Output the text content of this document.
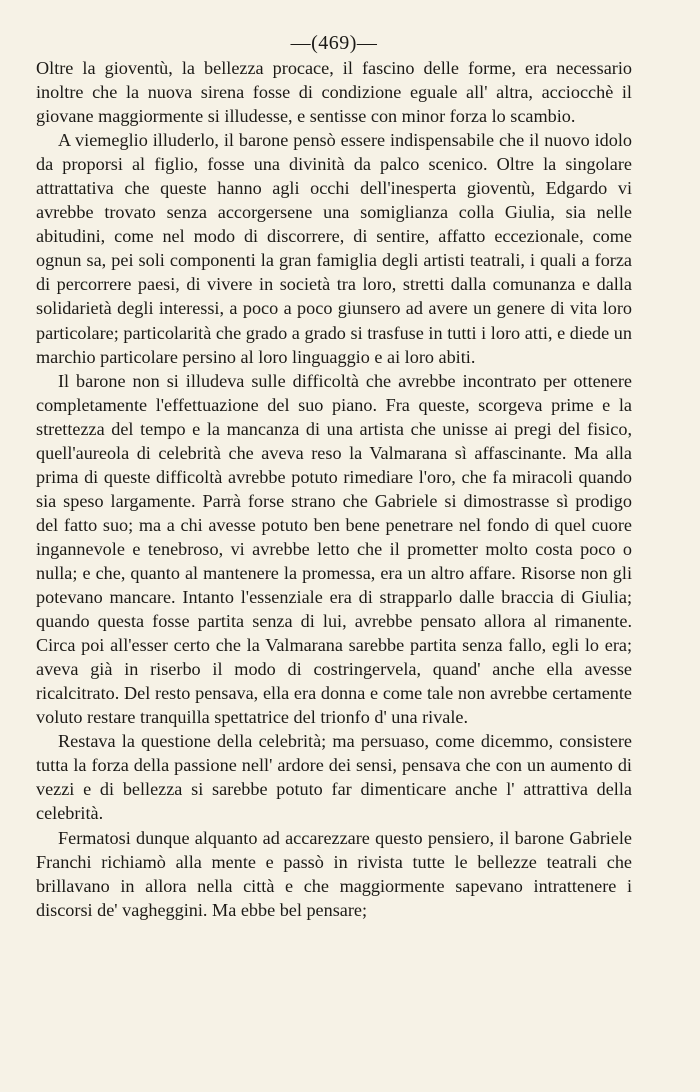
—(469)—

Oltre la gioventù, la bellezza procace, il fascino delle forme, era necessario inoltre che la nuova sirena fosse di condizione eguale all' altra, acciocchè il giovane maggiormente si illudesse, e sentisse con minor forza lo scambio.

A viemeglio illuderlo, il barone pensò essere indispensabile che il nuovo idolo da proporsi al figlio, fosse una divinità da palco scenico. Oltre la singolare attrattativa che queste hanno agli occhi dell'inesperta gioventù, Edgardo vi avrebbe trovato senza accorgersene una somiglianza colla Giulia, sia nelle abitudini, come nel modo di discorrere, di sentire, affatto eccezionale, come ognun sa, pei soli componenti la gran famiglia degli artisti teatrali, i quali a forza di percorrere paesi, di vivere in società tra loro, stretti dalla comunanza e dalla solidarietà degli interessi, a poco a poco giunsero ad avere un genere di vita loro particolare; particolarità che grado a grado si trasfuse in tutti i loro atti, e diede un marchio particolare persino al loro linguaggio e ai loro abiti.

Il barone non si illudeva sulle difficoltà che avrebbe incontrato per ottenere completamente l'effettuazione del suo piano. Fra queste, scorgeva prime e la strettezza del tempo e la mancanza di una artista che unisse ai pregi del fisico, quell'aureola di celebrità che aveva reso la Valmarana sì affascinante. Ma alla prima di queste difficoltà avrebbe potuto rimediare l'oro, che fa miracoli quando sia speso largamente. Parrà forse strano che Gabriele si dimostrasse sì prodigo del fatto suo; ma a chi avesse potuto ben bene penetrare nel fondo di quel cuore ingannevole e tenebroso, vi avrebbe letto che il prometter molto costa poco o nulla; e che, quanto al mantenere la promessa, era un altro affare. Risorse non gli potevano mancare. Intanto l'essenziale era di strapparlo dalle braccia di Giulia; quando questa fosse partita senza di lui, avrebbe pensato allora al rimanente. Circa poi all'esser certo che la Valmarana sarebbe partita senza fallo, egli lo era; aveva già in riserbo il modo di costringervela, quand' anche ella avesse ricalcitrato. Del resto pensava, ella era donna e come tale non avrebbe certamente voluto restare tranquilla spettatrice del trionfo d' una rivale.

Restava la questione della celebrità; ma persuaso, come dicemmo, consistere tutta la forza della passione nell' ardore dei sensi, pensava che con un aumento di vezzi e di bellezza si sarebbe potuto far dimenticare anche l' attrattiva della celebrità.

Fermatosi dunque alquanto ad accarezzare questo pensiero, il barone Gabriele Franchi richiamò alla mente e passò in rivista tutte le bellezze teatrali che brillavano in allora nella città e che maggiormente sapevano intrattenere i discorsi de' vagheggini. Ma ebbe bel pensare;
